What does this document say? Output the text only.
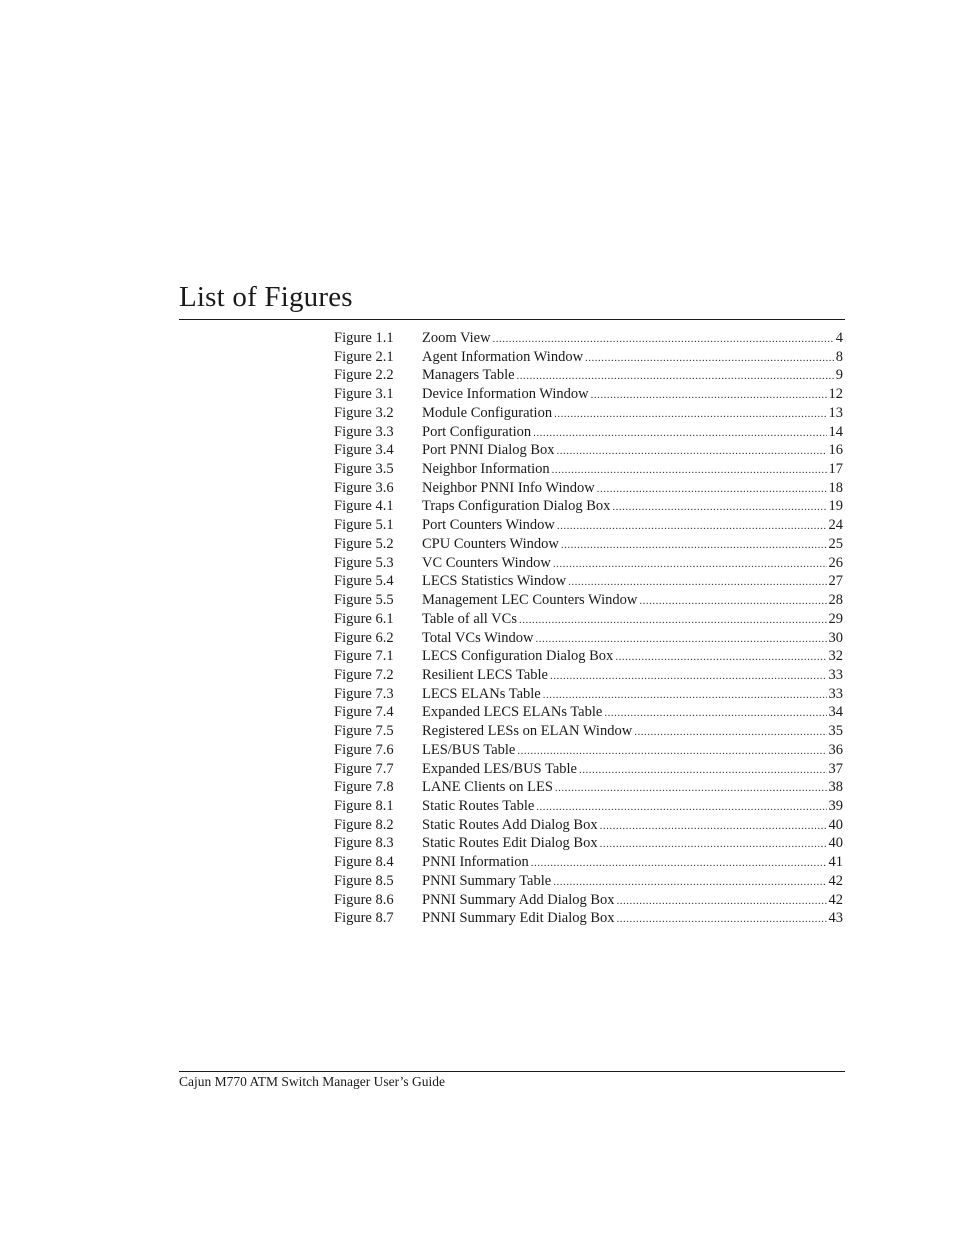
List of Figures
Figure 1.1	Zoom View .....	4
Figure 2.1	Agent Information Window .....	8
Figure 2.2	Managers Table .....	9
Figure 3.1	Device Information Window .....	12
Figure 3.2	Module Configuration .....	13
Figure 3.3	Port Configuration .....	14
Figure 3.4	Port PNNI Dialog Box .....	16
Figure 3.5	Neighbor Information .....	17
Figure 3.6	Neighbor PNNI Info Window .....	18
Figure 4.1	Traps Configuration Dialog Box .....	19
Figure 5.1	Port Counters Window .....	24
Figure 5.2	CPU Counters Window .....	25
Figure 5.3	VC Counters Window .....	26
Figure 5.4	LECS Statistics Window .....	27
Figure 5.5	Management LEC Counters Window .....	28
Figure 6.1	Table of all VCs .....	29
Figure 6.2	Total VCs Window .....	30
Figure 7.1	LECS Configuration Dialog Box .....	32
Figure 7.2	Resilient LECS Table .....	33
Figure 7.3	LECS ELANs Table .....	33
Figure 7.4	Expanded LECS ELANs Table .....	34
Figure 7.5	Registered LESs on ELAN Window .....	35
Figure 7.6	LES/BUS Table .....	36
Figure 7.7	Expanded LES/BUS Table .....	37
Figure 7.8	LANE Clients on LES .....	38
Figure 8.1	Static Routes Table .....	39
Figure 8.2	Static Routes Add Dialog Box .....	40
Figure 8.3	Static Routes Edit Dialog Box .....	40
Figure 8.4	PNNI Information .....	41
Figure 8.5	PNNI Summary Table .....	42
Figure 8.6	PNNI Summary Add Dialog Box .....	42
Figure 8.7	PNNI Summary Edit Dialog Box .....	43
Cajun M770 ATM Switch Manager User’s Guide
